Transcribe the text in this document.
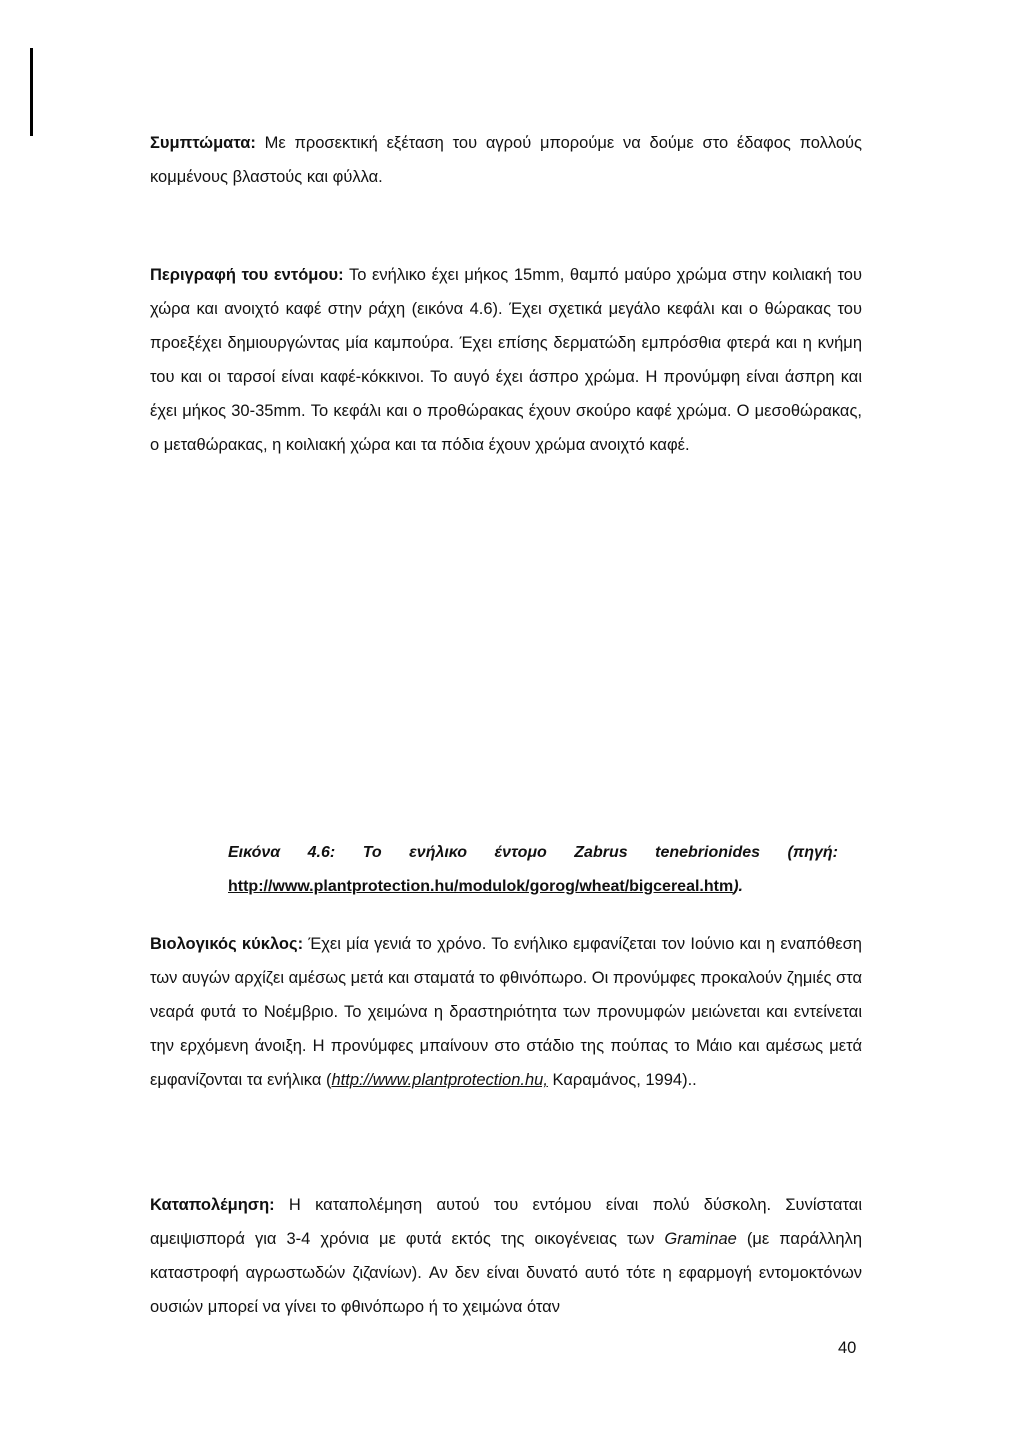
Συμπτώματα: Με προσεκτική εξέταση του αγρού μπορούμε να δούμε στο έδαφος πολλούς κομμένους βλαστούς και φύλλα.

Περιγραφή του εντόμου: Το ενήλικο έχει μήκος 15mm, θαμπό μαύρο χρώμα στην κοιλιακή του χώρα και ανοιχτό καφέ στην ράχη (εικόνα 4.6). Έχει σχετικά μεγάλο κεφάλι και ο θώρακας του προεξέχει δημιουργώντας μία καμπούρα. Έχει επίσης δερματώδη εμπρόσθια φτερά και η κνήμη του και οι ταρσοί είναι καφέ-κόκκινοι. Το αυγό έχει άσπρο χρώμα. Η προνύμφη είναι άσπρη και έχει μήκος 30-35mm. Το κεφάλι και ο προθώρακας έχουν σκούρο καφέ χρώμα. Ο μεσοθώρακας, ο μεταθώρακας, η κοιλιακή χώρα και τα πόδια έχουν χρώμα ανοιχτό καφέ.

Εικόνα 4.6: Το ενήλικο έντομο Zabrus tenebrionides (πηγή: http://www.plantprotection.hu/modulok/gorog/wheat/bigcereal.htm).

Βιολογικός κύκλος: Έχει μία γενιά το χρόνο. Το ενήλικο εμφανίζεται τον Ιούνιο και η εναπόθεση των αυγών αρχίζει αμέσως μετά και σταματά το φθινόπωρο. Οι προνύμφες προκαλούν ζημιές στα νεαρά φυτά το Νοέμβριο. Το χειμώνα η δραστηριότητα των προνυμφών μειώνεται και εντείνεται την ερχόμενη άνοιξη. Η προνύμφες μπαίνουν στο στάδιο της πούπας το Μάιο και αμέσως μετά εμφανίζονται τα ενήλικα (http://www.plantprotection.hu, Καραμάνος, 1994)..

Καταπολέμηση: Η καταπολέμηση αυτού του εντόμου είναι πολύ δύσκολη. Συνίσταται αμειψισπορά για 3-4 χρόνια με φυτά εκτός της οικογένειας των Graminae (με παράλληλη καταστροφή αγρωστωδών ζιζανίων). Αν δεν είναι δυνατό αυτό τότε η εφαρμογή εντομοκτόνων ουσιών μπορεί να γίνει το φθινόπωρο ή το χειμώνα όταν

40
